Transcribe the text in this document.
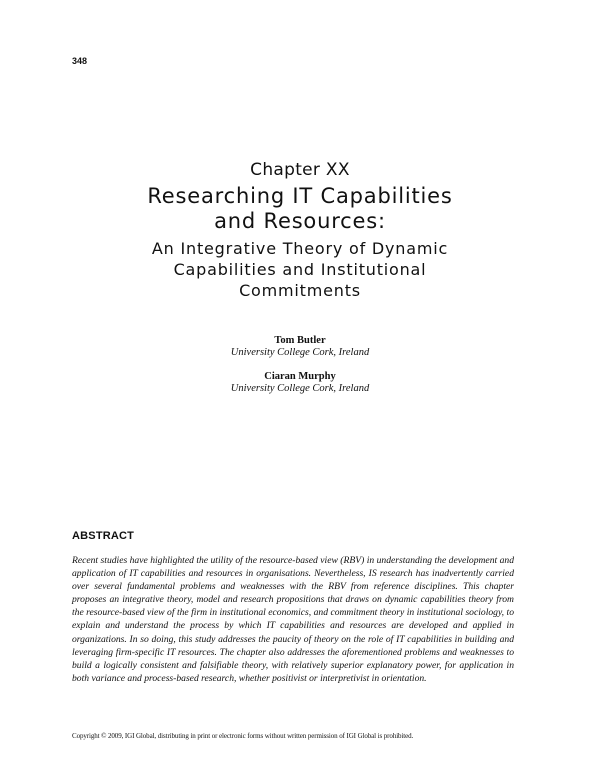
348
Chapter XX
Researching IT Capabilities
and Resources:
An Integrative Theory of Dynamic
Capabilities and Institutional
Commitments
Tom Butler
University College Cork, Ireland
Ciaran Murphy
University College Cork, Ireland
ABSTRACT

Recent studies have highlighted the utility of the resource-based view (RBV) in understanding the development and application of IT capabilities and resources in organisations. Nevertheless, IS research has inadvertently carried over several fundamental problems and weaknesses with the RBV from reference disciplines. This chapter proposes an integrative theory, model and research propositions that draws on dynamic capabilities theory from the resource-based view of the firm in institutional economics, and commitment theory in institutional sociology, to explain and understand the process by which IT capabilities and resources are developed and applied in organizations. In so doing, this study addresses the paucity of theory on the role of IT capabilities in building and leveraging firm-specific IT resources. The chapter also addresses the aforementioned problems and weaknesses to build a logically consistent and falsifiable theory, with relatively superior explanatory power, for application in both variance and process-based research, whether positivist or interpretivist in orientation.

Copyright © 2009, IGI Global, distributing in print or electronic forms without written permission of IGI Global is prohibited.
